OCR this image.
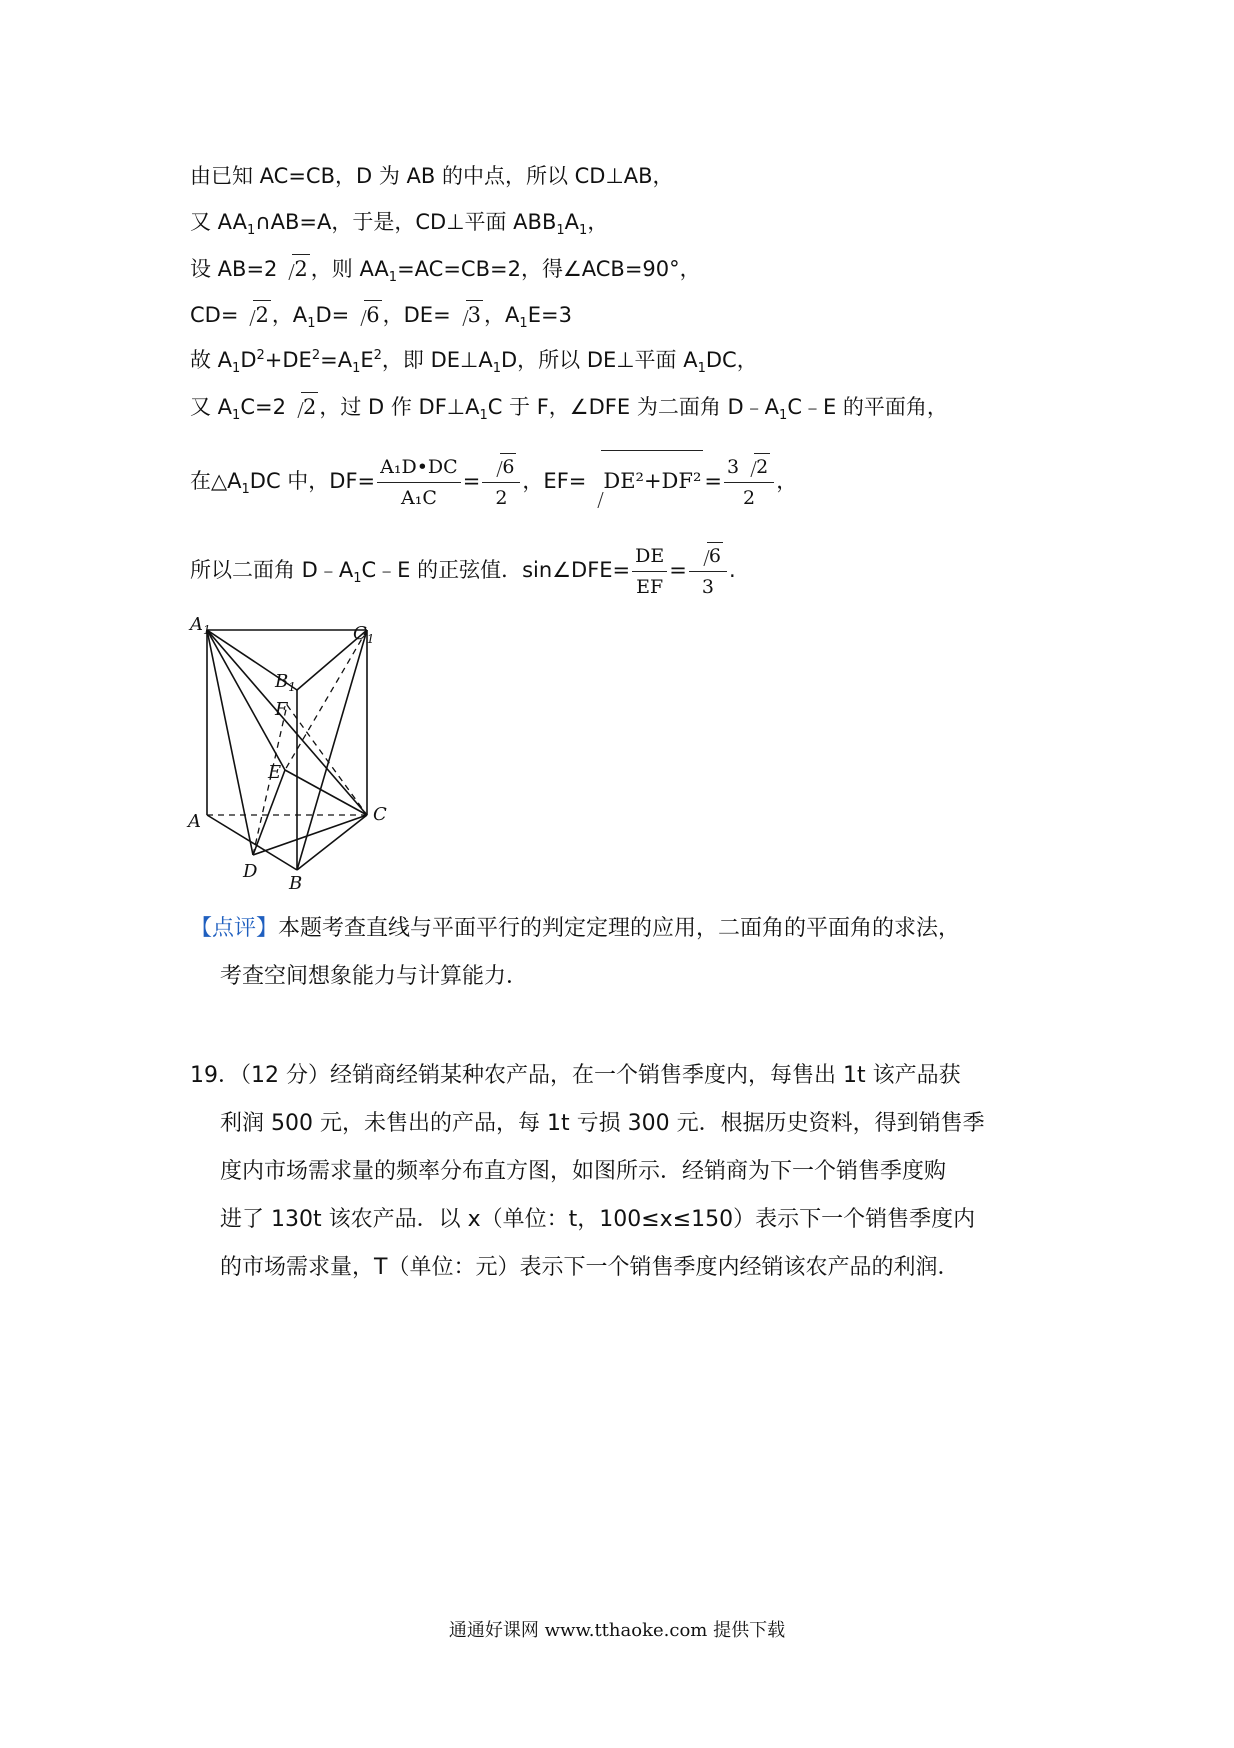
由已知 AC=CB，D 为 AB 的中点，所以 CD⊥AB，
又 $AA_1\cap AB=A$，于是，CD⊥平面 $ABB_1A_1$，
设 AB=2 2 ，则 $AA_1=AC=CB=2$，得∠ACB=90°，
CD= 2 ，$A_1D= 6$ ，DE= 3 ，$A_1E=3$
故 $A_1D^2+DE^2=A_1E^2$，即 $DE\perp A_1D$，所以 DE⊥平面 $A_1DC$，
又 $A_1C=2$ 2 ，过 D 作 $DF\perp A_1C$ 于 F，∠DFE 为二面角 $D﹣A_1C﹣E$ 的平面角，
在$\triangle A_1DC$ 中，$DF= \frac{\text{A₁D•DC}}{\text{A₁C}} = \frac{6}{2}$ ，$EF= DE^2+DF^2 = \frac{3 2}{2}$ ，
所以二面角 $D﹣A_1C﹣E$ 的正弦值．sin∠DFE= $\frac{DE}{EF} = \frac{6}{3}$ .
$A_1$	$C_1$
$B_1$
F
E
A	C
D
B
【点评】本题考查直线与平面平行的判定定理的应用，二面角的平面角的求法，
考查空间想象能力与计算能力．

19．（12 分）经销商经销某种农产品，在一个销售季度内，每售出 1t 该产品获

利润 500 元，未售出的产品，每 1t 亏损 300 元．根据历史资料，得到销售季

度内市场需求量的频率分布直方图，如图所示．经销商为下一个销售季度购

进了 130t 该农产品．以 x（单位：t，100≤x≤150）表示下一个销售季度内

的市场需求量，T（单位：元）表示下一个销售季度内经销该农产品的利润．

通通好课网 www.tthaoke.com 提供下载
